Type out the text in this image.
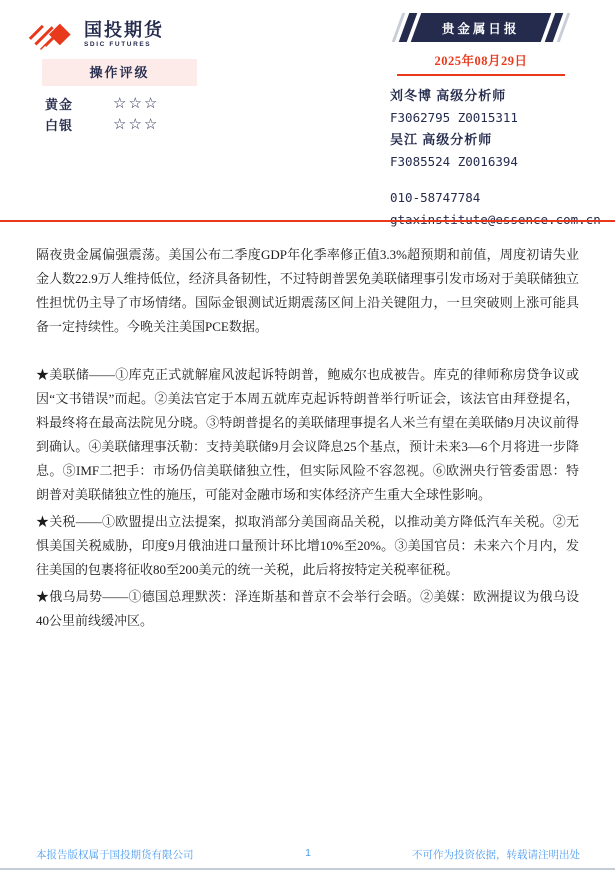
国投期货
SDIC FUTURES
贵金属日报
2025年08月29日
操作评级
黄金	☆☆☆
白银	☆☆☆
刘冬博 高级分析师
F3062795 Z0015311
吴江 高级分析师
F3085524 Z0016394
010-58747784

隔夜贵金属偏强震荡。美国公布二季度GDP年化季率修正值3.3%超预期和前值，周度初请失业金人数22.9万人维持低位，经济具备韧性，不过特朗普罢免美联储理事引发市场对于美联储独立性担忧仍主导了市场情绪。国际金银测试近期震荡区间上沿关键阻力，一旦突破则上涨可能具备一定持续性。今晚关注美国PCE数据。

★美联储——①库克正式就解雇风波起诉特朗普，鲍威尔也成被告。库克的律师称房贷争议或因“文书错误”而起。②美法官定于本周五就库克起诉特朗普举行听证会，该法官由拜登提名，料最终将在最高法院见分晓。③特朗普提名的美联储理事提名人米兰有望在美联储9月决议前得到确认。④美联储理事沃勒：支持美联储9月会议降息25个基点，预计未来3—6个月将进一步降息。⑤IMF二把手：市场仍信美联储独立性，但实际风险不容忽视。⑥欧洲央行管委雷恩：特朗普对美联储独立性的施压，可能对金融市场和实体经济产生重大全球性影响。

★关税——①欧盟提出立法提案，拟取消部分美国商品关税，以推动美方降低汽车关税。②无惧美国关税威胁，印度9月俄油进口量预计环比增10%至20%。③美国官员：未来六个月内，发往美国的包裹将征收80至200美元的统一关税，此后将按特定关税率征税。

★俄乌局势——①德国总理默茨：泽连斯基和普京不会举行会晤。②美媒：欧洲提议为俄乌设40公里前线缓冲区。

本报告版权属于国投期货有限公司	1	不可作为投资依据，转载请注明出处
